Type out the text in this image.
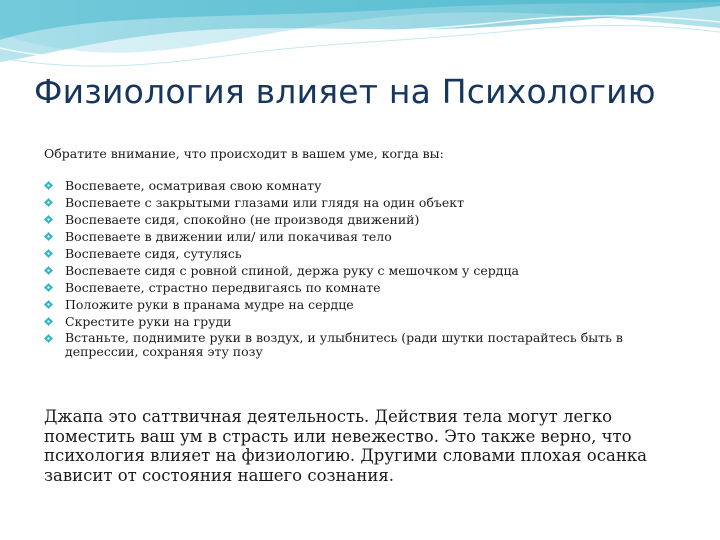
Физиология влияет на Психологию

Обратите внимание, что происходит в вашем уме, когда вы:

Воспеваете, осматривая свою комнату
Воспеваете с закрытыми глазами или глядя на один объект
Воспеваете сидя, спокойно (не производя движений)
Воспеваете в движении или/ или покачивая тело
Воспеваете сидя, сутулясь
Воспеваете сидя с ровной спиной, держа руку с мешочком у сердца
Воспеваете, страстно передвигаясь по комнате
Положите руки в пранама мудре на сердце
Скрестите руки на груди
Встаньте, поднимите руки в воздух, и улыбнитесь (ради шутки постарайтесь быть в депрессии, сохраняя эту позу

Джапа это саттвичная деятельность. Действия тела могут легко поместить ваш ум в страсть или невежество. Это также верно, что психология влияет на физиологию. Другими словами плохая осанка зависит от состояния нашего сознания.
